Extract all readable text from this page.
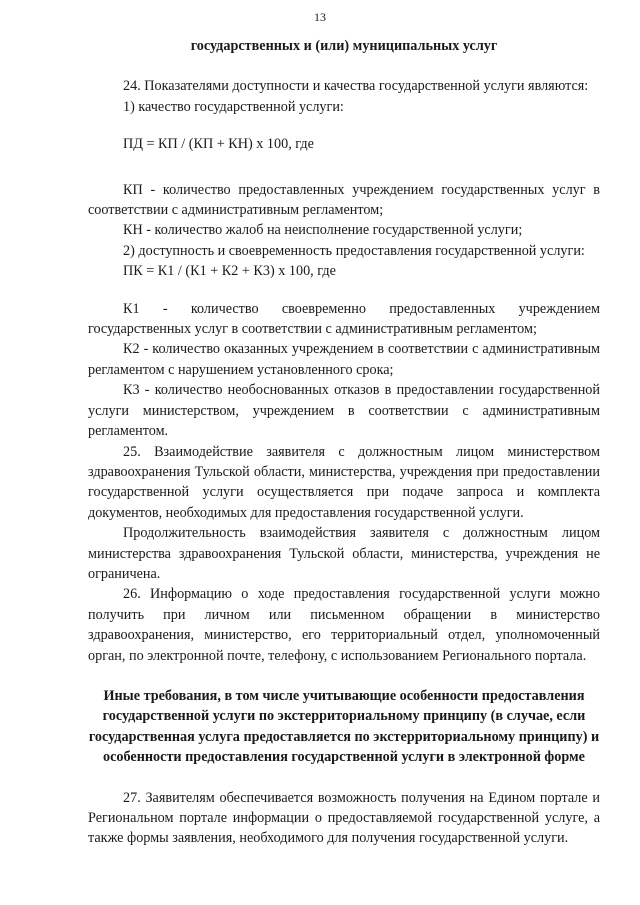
13
государственных и (или) муниципальных услуг

24. Показателями доступности и качества государственной услуги являются:

1) качество государственной услуги:

ПД = КП / (КП + КН) х 100, где

КП - количество предоставленных учреждением государственных услуг в соответствии с административным регламентом;

КН - количество жалоб на неисполнение государственной услуги;

2) доступность и своевременность предоставления государственной услуги:

ПК = К1 / (К1 + К2 + К3) х 100, где

К1 - количество своевременно предоставленных учреждением государственных услуг в соответствии с административным регламентом;

К2 - количество оказанных учреждением в соответствии с административным регламентом с нарушением установленного срока;

К3 - количество необоснованных отказов в предоставлении государственной услуги министерством, учреждением в соответствии с административным регламентом.

25. Взаимодействие заявителя с должностным лицом министерством здравоохранения Тульской области, министерства, учреждения при предоставлении государственной услуги осуществляется при подаче запроса и комплекта документов, необходимых для предоставления государственной услуги.

Продолжительность взаимодействия заявителя с должностным лицом министерства здравоохранения Тульской области, министерства, учреждения не ограничена.

26. Информацию о ходе предоставления государственной услуги можно получить при личном или письменном обращении в министерство здравоохранения, министерство, его территориальный отдел, уполномоченный орган, по электронной почте, телефону, с использованием Регионального портала.

Иные требования, в том числе учитывающие особенности предоставления государственной услуги по экстерриториальному принципу (в случае, если государственная услуга предоставляется по экстерриториальному принципу) и особенности предоставления государственной услуги в электронной форме

27. Заявителям обеспечивается возможность получения на Едином портале и Региональном портале информации о предоставляемой государственной услуге, а также формы заявления, необходимого для получения государственной услуги.
